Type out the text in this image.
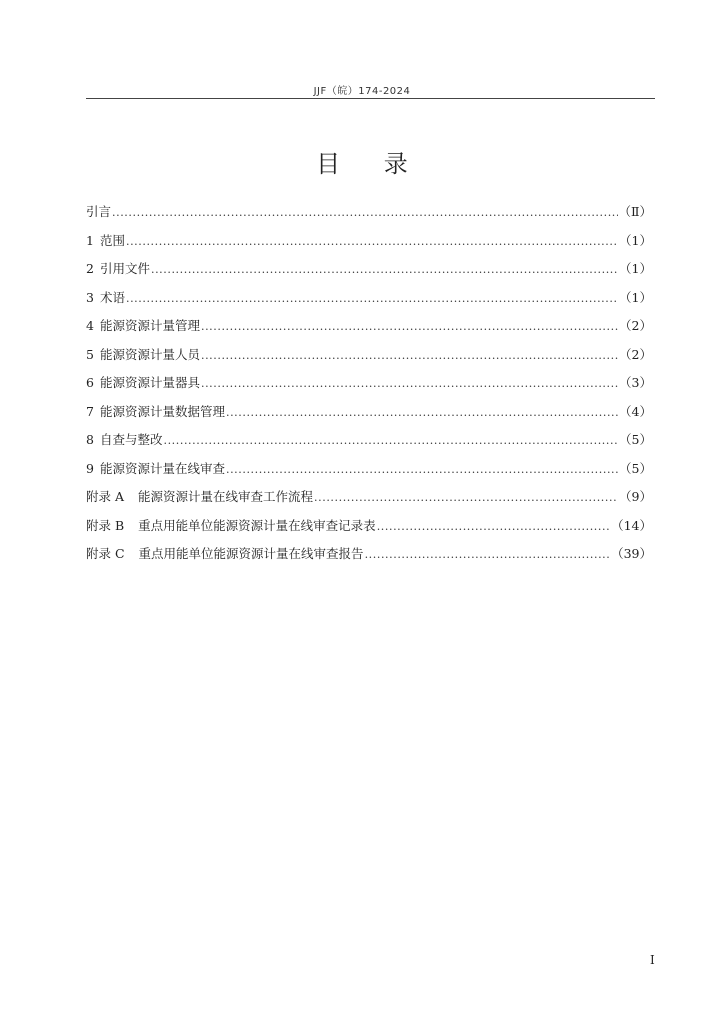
JJF（皖）174-2024
目 录
引言 .....	（Ⅱ）
1 范围 .....	（1）
2 引用文件 .....	（1）
3 术语 .....	（1）
4 能源资源计量管理 .....	（2）
5 能源资源计量人员 .....	（2）
6 能源资源计量器具 .....	（3）
7 能源资源计量数据管理 .....	（4）
8 自查与整改 .....	（5）
9 能源资源计量在线审查 .....	（5）
附录 A 能源资源计量在线审查工作流程 .....	（9）
附录 B 重点用能单位能源资源计量在线审查记录表 .....	（14）
附录 C 重点用能单位能源资源计量在线审查报告 .....	（39）
I
